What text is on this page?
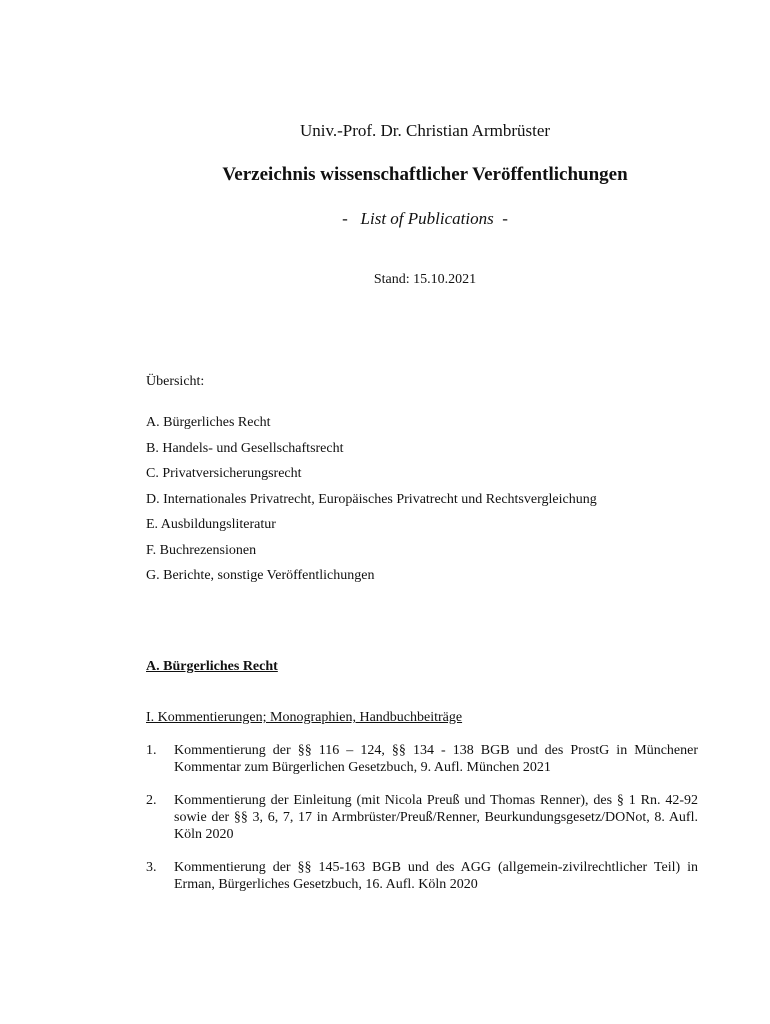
Univ.-Prof. Dr. Christian Armbrüster
Verzeichnis wissenschaftlicher Veröffentlichungen
- List of Publications -
Stand: 15.10.2021
Übersicht:
A. Bürgerliches Recht
B. Handels- und Gesellschaftsrecht
C. Privatversicherungsrecht
D. Internationales Privatrecht, Europäisches Privatrecht und Rechtsvergleichung
E. Ausbildungsliteratur
F. Buchrezensionen
G. Berichte, sonstige Veröffentlichungen
A. Bürgerliches Recht
I. Kommentierungen; Monographien, Handbuchbeiträge
1. Kommentierung der §§ 116 – 124, §§ 134 - 138 BGB und des ProstG in Münchener Kommentar zum Bürgerlichen Gesetzbuch, 9. Aufl. München 2021
2. Kommentierung der Einleitung (mit Nicola Preuß und Thomas Renner), des § 1 Rn. 42-92 sowie der §§ 3, 6, 7, 17 in Armbrüster/Preuß/Renner, Beurkundungsgesetz/DONot, 8. Aufl. Köln 2020
3. Kommentierung der §§ 145-163 BGB und des AGG (allgemein-zivilrechtlicher Teil) in Erman, Bürgerliches Gesetzbuch, 16. Aufl. Köln 2020
